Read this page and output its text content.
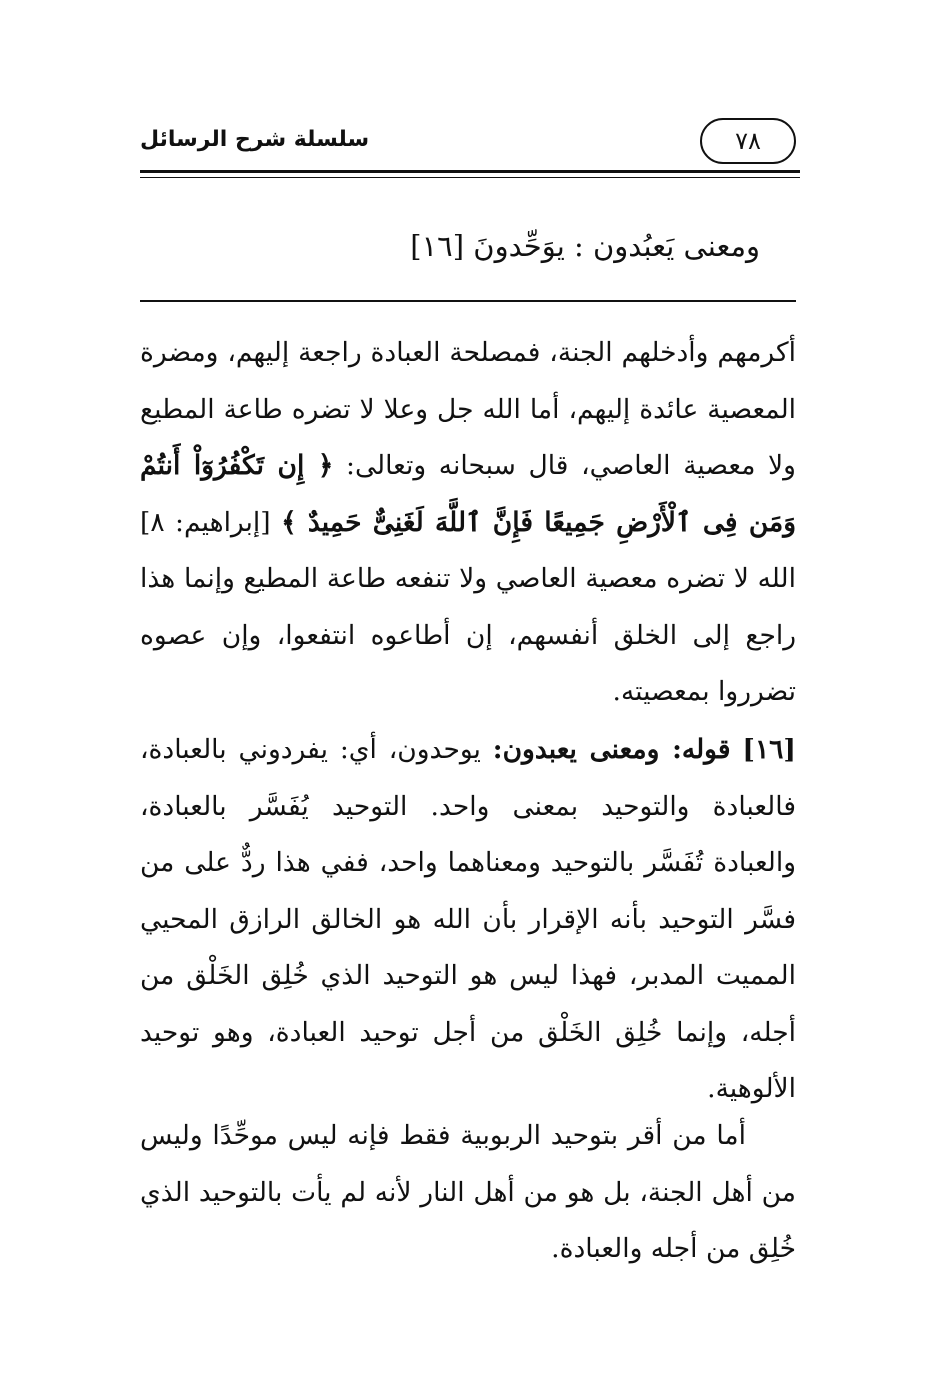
٧٨
سلسلة شرح الرسائل
ومعنى يَعبُدون : يوَحِّدونَ [١٦]

أكرمهم وأدخلهم الجنة، فمصلحة العبادة راجعة إليهم، ومضرة المعصية عائدة إليهم، أما الله جل وعلا لا تضره طاعة المطيع ولا معصية العاصي، قال سبحانه وتعالى: ﴿ إِن تَكْفُرُوٓاْ أَنتُمْ وَمَن فِى ٱلْأَرْضِ جَمِيعًا فَإِنَّ ٱللَّهَ لَغَنِىٌّ حَمِيدٌ ﴾ [إبراهيم: ٨] الله لا تضره معصية العاصي ولا تنفعه طاعة المطيع وإنما هذا راجع إلى الخلق أنفسهم، إن أطاعوه انتفعوا، وإن عصوه تضرروا بمعصيته.

[١٦] قوله: ومعنى يعبدون: يوحدون، أي: يفردوني بالعبادة، فالعبادة والتوحيد بمعنى واحد. التوحيد يُفَسَّر بالعبادة، والعبادة تُفَسَّر بالتوحيد ومعناهما واحد، ففي هذا ردٌّ على من فسَّر التوحيد بأنه الإقرار بأن الله هو الخالق الرازق المحيي المميت المدبر، فهذا ليس هو التوحيد الذي خُلِق الخَلْق من أجله، وإنما خُلِق الخَلْق من أجل توحيد العبادة، وهو توحيد الألوهية.

أما من أقر بتوحيد الربوبية فقط فإنه ليس موحِّدًا وليس من أهل الجنة، بل هو من أهل النار لأنه لم يأت بالتوحيد الذي خُلِق من أجله والعبادة.
